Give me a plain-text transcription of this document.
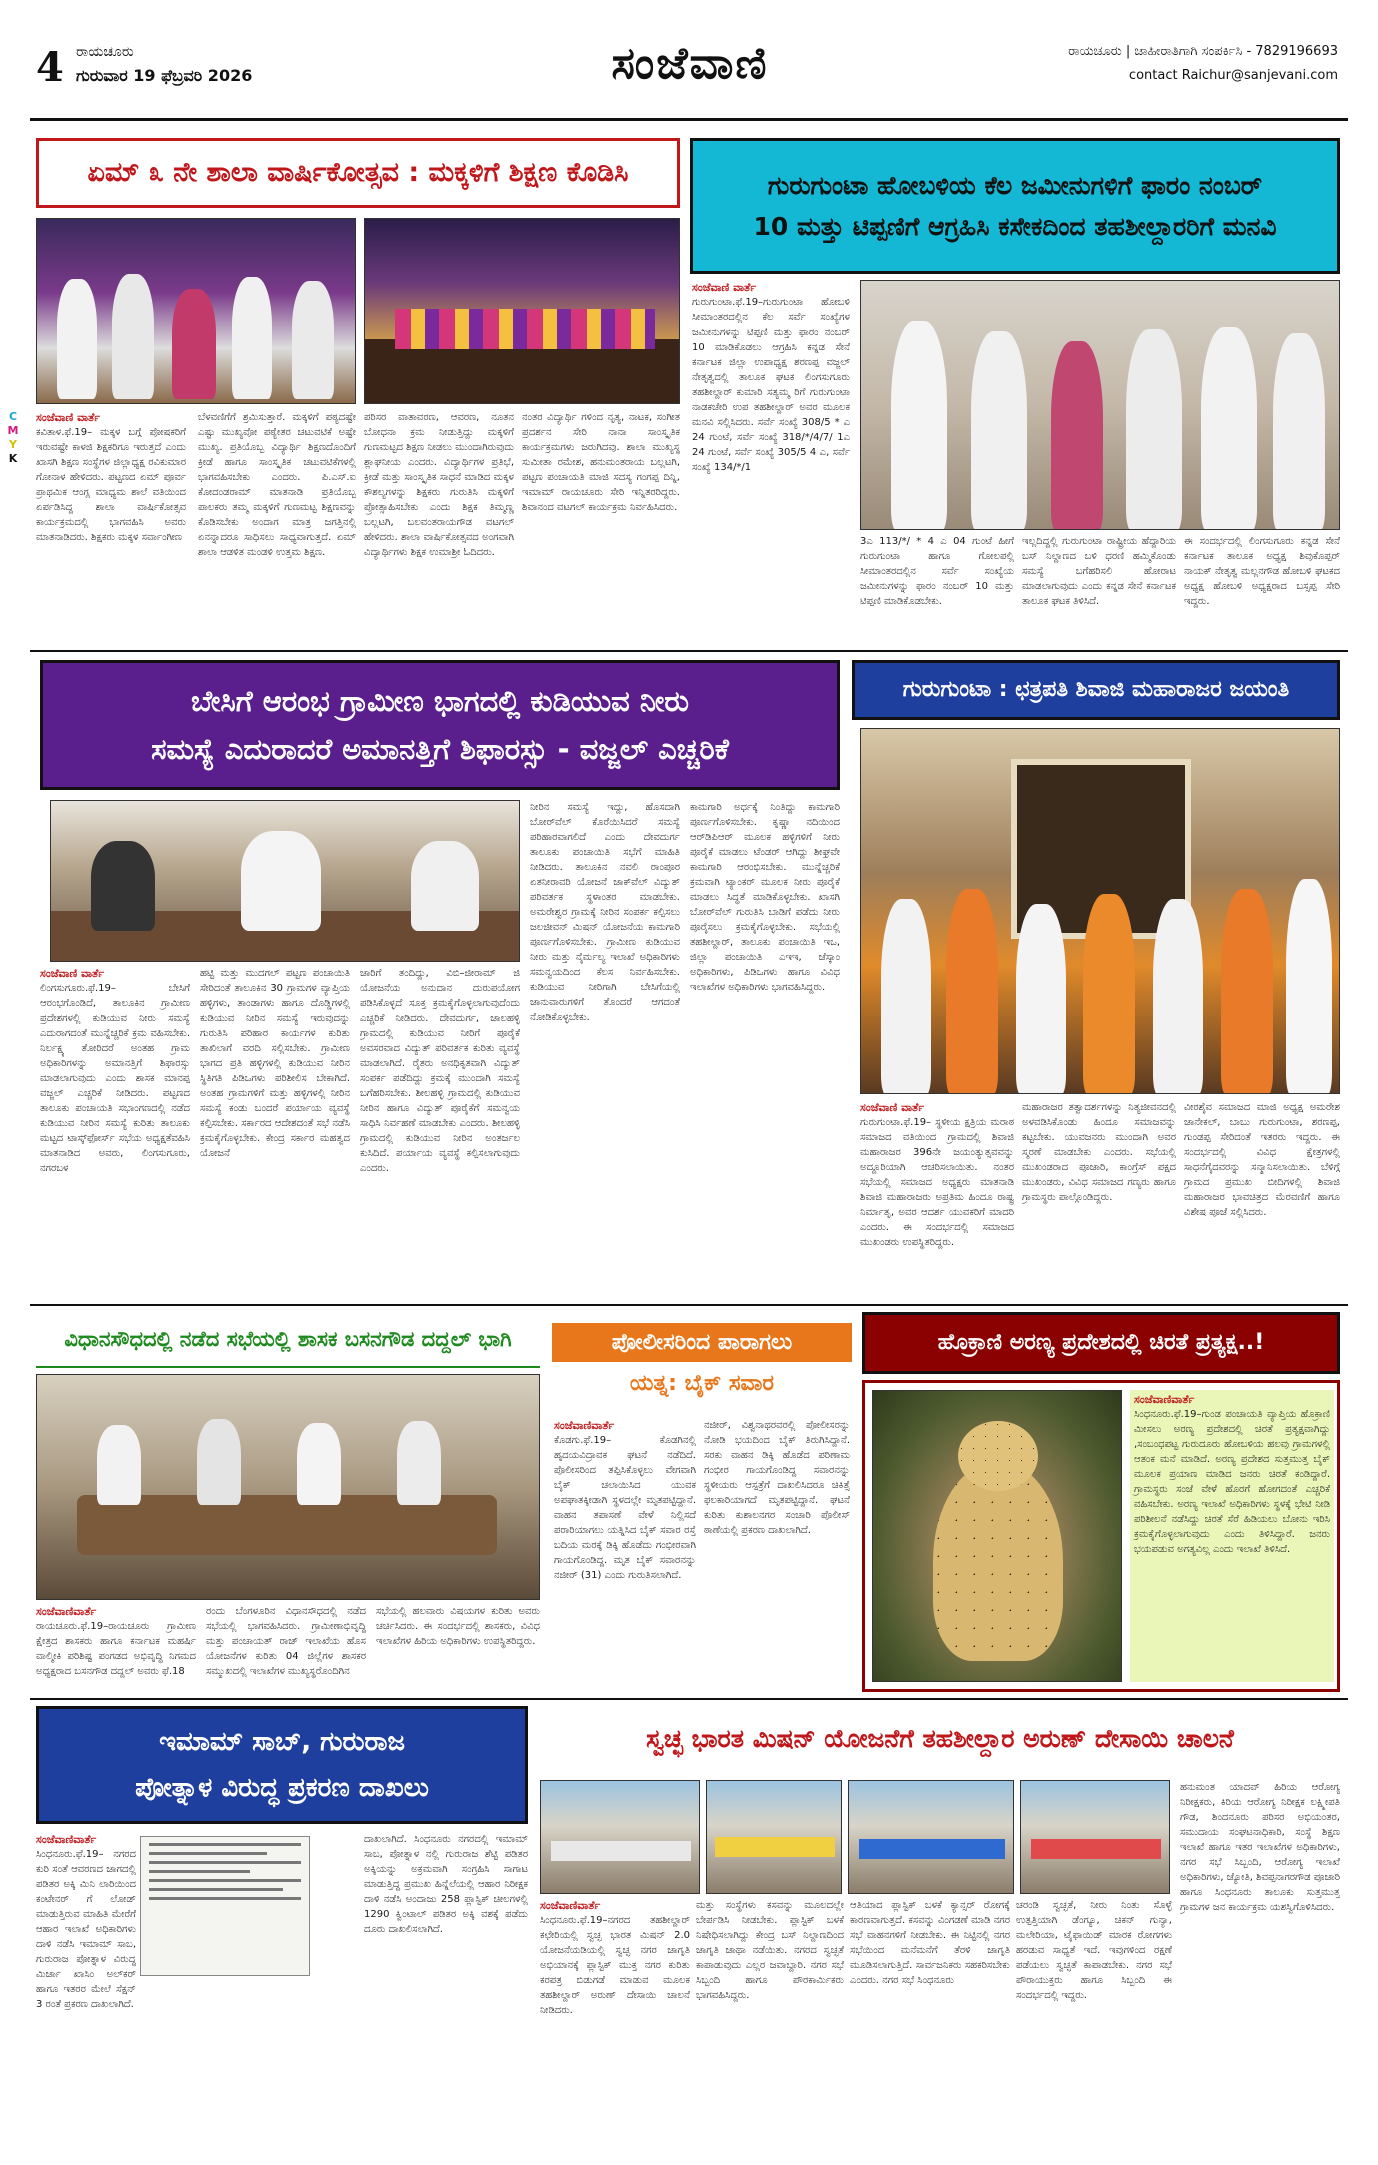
4 ರಾಯಚೂರು
ಗುರುವಾರ 19 ಫೆಬ್ರವರಿ 2026	ಸಂಜೆವಾಣಿ	ರಾಯಚೂರು | ಜಾಹೀರಾತಿಗಾಗಿ ಸಂಪರ್ಕಿಸಿ - 7829196693
contact Raichur@sanjevani.com
C
M
Y
K
ಏಮ್ ೩ ನೇ ಶಾಲಾ ವಾರ್ಷಿಕೋತ್ಸವ : ಮಕ್ಕಳಿಗೆ ಶಿಕ್ಷಣ ಕೊಡಿಸಿ
ಸಂಜೆವಾಣಿ ವಾರ್ತೆ
ಕವಿತಾಳ.ಫೆ.19– ಮಕ್ಕಳ ಬಗ್ಗೆ ಪೋಷಕರಿಗೆ ಇರುವಷ್ಟೇ ಕಾಳಜಿ ಶಿಕ್ಷಕರಿಗೂ ಇರುತ್ತದೆ ಎಂದು ಖಾಸಗಿ ಶಿಕ್ಷಣ ಸಂಸ್ಥೆಗಳ ಜಿಲ್ಲಾಧ್ಯಕ್ಷ ರವಿಕುಮಾರ ಗೋನಾಳ ಹೇಳಿದರು. ಪಟ್ಟಣದ ಏಮ್ ಪೂರ್ವ ಪ್ರಾಥಮಿಕ ಆಂಗ್ಲ ಮಾಧ್ಯಮ ಶಾಲೆ ವತಿಯಿಂದ ಏರ್ಪಡಿಸಿದ್ದ ಶಾಲಾ ವಾರ್ಷಿಕೋತ್ಸವ ಕಾರ್ಯಕ್ರಮದಲ್ಲಿ ಭಾಗವಹಿಸಿ ಅವರು ಮಾತನಾಡಿದರು. ಶಿಕ್ಷಕರು ಮಕ್ಕಳ ಸರ್ವಾಂಗೀಣ
ಬೆಳವಣಿಗೆಗೆ ಶ್ರಮಿಸುತ್ತಾರೆ. ಮಕ್ಕಳಿಗೆ ಪಠ್ಯದಷ್ಟೇ ಎಷ್ಟು ಮುಖ್ಯವೋ ಪಠ್ಯೇತರ ಚಟುವಟಿಕೆ ಅಷ್ಟೇ ಮುಖ್ಯ. ಪ್ರತಿಯೊಬ್ಬ ವಿದ್ಯಾರ್ಥಿ ಶಿಕ್ಷಣದೊಂದಿಗೆ ಕ್ರೀಡೆ ಹಾಗೂ ಸಾಂಸ್ಕೃತಿಕ ಚಟುವಟಿಕೆಗಳಲ್ಲಿ ಭಾಗವಹಿಸಬೇಕು ಎಂದರು. ಪಿ.ಎಸ್.ಐ ಕೋದಂಡರಾಮ್ ಮಾತನಾಡಿ ಪ್ರತಿಯೊಬ್ಬ ಪಾಲಕರು ತಮ್ಮ ಮಕ್ಕಳಿಗೆ ಗುಣಮಟ್ಟ ಶಿಕ್ಷಣವನ್ನು ಕೊಡಿಸಬೇಕು ಅಂದಾಗ ಮಾತ್ರ ಜಗತ್ತಿನಲ್ಲಿ ಏನನ್ನಾದರೂ ಸಾಧಿಸಲು ಸಾಧ್ಯವಾಗುತ್ತದೆ. ಏಮ್ ಶಾಲಾ ಆಡಳಿತ ಮಂಡಳಿ ಉತ್ತಮ ಶಿಕ್ಷಣ.
ಪರಿಸರ ವಾತಾವರಣ, ಆವರಣ, ನೂತನ ಬೋಧನಾ ಕ್ರಮ ನೀಡುತ್ತಿದ್ದು ಮಕ್ಕಳಿಗೆ ಗುಣಮಟ್ಟದ ಶಿಕ್ಷಣ ನೀಡಲು ಮುಂದಾಗಿರುವುದು ಶ್ಲಾಘನೀಯ ಎಂದರು. ವಿದ್ಯಾರ್ಥಿಗಳ ಪ್ರತಿಭೆ, ಕ್ರೀಡೆ ಮತ್ತು ಸಾಂಸ್ಕೃತಿಕ ಸಾಧನೆ ಮಾಡಿದ ಮಕ್ಕಳ ಕೌಶಲ್ಯಗಳನ್ನು ಶಿಕ್ಷಕರು ಗುರುತಿಸಿ ಮಕ್ಕಳಿಗೆ ಪ್ರೋತ್ಸಾಹಿಸಬೇಕು ಎಂದು ಶಿಕ್ಷಕ ತಿಮ್ಮಣ್ಣ ಬಲ್ಲಟಗಿ, ಬಲವಂತರಾಯಗೌಡ ವಟಗಲ್ ಹೇಳಿದರು. ಶಾಲಾ ವಾರ್ಷಿಕೋತ್ಸವದ ಅಂಗವಾಗಿ ವಿದ್ಯಾರ್ಥಿಗಳು ಶಿಕ್ಷಕ ಉಮಾಶ್ರೀ ಓದಿದರು.
ನಂತರ ವಿದ್ಯಾರ್ಥಿ ಗಳಿಂದ ನೃತ್ಯ, ನಾಟಕ, ಸಂಗೀತ ಪ್ರದರ್ಶನ ಸೇರಿ ನಾನಾ ಸಾಂಸ್ಕೃತಿಕ ಕಾರ್ಯಕ್ರಮಗಳು ಜರುಗಿದವು. ಶಾಲಾ ಮುಖ್ಯಸ್ಥ ಸುಮೀತಾ ರಮೇಶ, ಹನುಮಂತರಾಯ ಬಲ್ಲಟಗಿ, ಪಟ್ಟಣ ಪಂಚಾಯತಿ ಮಾಜಿ ಸದಸ್ಯ ಗಂಗಪ್ಪ ದಿನ್ನಿ, ಇಮಾಮ್ ರಾಯಚೂರು ಸೇರಿ ಇನ್ನಿತರರಿದ್ದರು. ಶಿವಾನಂದ ವಟಗಲ್ ಕಾರ್ಯಕ್ರಮ ನಿರ್ವಹಿಸಿದರು.
ಗುರುಗುಂಟಾ ಹೋಬಳಿಯ ಕೆಲ ಜಮೀನುಗಳಿಗೆ ಫಾರಂ ನಂಬರ್
10 ಮತ್ತು ಟಿಪ್ಪಣಿಗೆ ಆಗ್ರಹಿಸಿ ಕಸೇಕದಿಂದ ತಹಶೀಲ್ದಾರರಿಗೆ ಮನವಿ
ಸಂಜೆವಾಣಿ ವಾರ್ತೆ
ಗುರುಗುಂಟಾ.ಫೆ.19–ಗುರುಗುಂಟಾ ಹೋಬಳಿ ಸೀಮಾಂತರದಲ್ಲಿನ ಕೆಲ ಸರ್ವೆ ಸಂಖ್ಯೆಗಳ ಜಮೀನುಗಳನ್ನು ಟಿಪ್ಪಣಿ ಮತ್ತು ಫಾರಂ ನಂಬರ್ 10 ಮಾಡಿಕೊಡಲು ಆಗ್ರಹಿಸಿ ಕನ್ನಡ ಸೇನೆ ಕರ್ನಾಟಕ ಜಿಲ್ಲಾ ಉಪಾಧ್ಯಕ್ಷ ಶರಣಪ್ಪ ವಜ್ಜಲ್ ನೇತೃತ್ವದಲ್ಲಿ ತಾಲೂಕ ಘಟಕ ಲಿಂಗಸುಗೂರು ತಹಶೀಲ್ದಾರ್ ಕುಮಾರಿ ಸತ್ಯಮ್ಮ ರಿಗೆ ಗುರುಗುಂಟಾ ನಾಡಕಚೇರಿ ಉಪ ತಹಶೀಲ್ದಾರ್ ಅವರ ಮೂಲಕ ಮನವಿ ಸಲ್ಲಿಸಿದರು. ಸರ್ವೆ ಸಂಖ್ಯೆ 308/5 * ಎ 24 ಗುಂಟೆ, ಸರ್ವೆ ಸಂಖ್ಯೆ 318/*/4/7/ 1ಎ 24 ಗುಂಟೆ, ಸರ್ವೆ ಸಂಖ್ಯೆ 305/5 4 ಎ, ಸರ್ವೆ ಸಂಖ್ಯೆ 134/*/1
3ಎ 113/*/ * 4 ಎ 04 ಗುಂಟೆ ಹೀಗೆ ಗುರುಗುಂಟಾ ಹಾಗೂ ಗೋಲಪಲ್ಲಿ ಸೀಮಾಂತರದಲ್ಲಿನ ಸರ್ವೆ ಸಂಖ್ಯೆಯ ಜಮೀನುಗಳನ್ನು ಫಾರಂ ನಂಬರ್ 10 ಮತ್ತು ಟಿಪ್ಪಣಿ ಮಾಡಿಕೊಡಬೇಕು.
ಇಲ್ಲದಿದ್ದಲ್ಲಿ ಗುರುಗುಂಟಾ ರಾಷ್ಟ್ರೀಯ ಹೆದ್ದಾರಿಯ ಬಸ್ ನಿಲ್ದಾಣದ ಬಳಿ ಧರಣಿ ಹಮ್ಮಿಕೊಂಡು ಸಮಸ್ಯೆ ಬಗೆಹರಿಸಲಿ ಹೋರಾಟ ಮಾಡಲಾಗುವುದು ಎಂದು ಕನ್ನಡ ಸೇನೆ ಕರ್ನಾಟಕ ತಾಲೂಕ ಘಟಕ ತಿಳಿಸಿದೆ.
ಈ ಸಂದರ್ಭದಲ್ಲಿ ಲಿಂಗಸುಗೂರು ಕನ್ನಡ ಸೇನೆ ಕರ್ನಾಟಕ ತಾಲೂಕ ಅಧ್ಯಕ್ಷ ಶಿವುಕೊಪ್ಪರ್ ನಾಯಕ್ ನೇತೃತ್ವ ಮಲ್ಲನಗೌಡ ಹೋಬಳಿ ಘಟಕದ ಅಧ್ಯಕ್ಷ ಹೋಬಳಿ ಅಧ್ಯಕ್ಷರಾದ ಬಸ್ಸಪ್ಪ ಸೇರಿ ಇದ್ದರು.
ಬೇಸಿಗೆ ಆರಂಭ ಗ್ರಾಮೀಣ ಭಾಗದಲ್ಲಿ ಕುಡಿಯುವ ನೀರು
ಸಮಸ್ಯೆ ಎದುರಾದರೆ ಅಮಾನತ್ತಿಗೆ ಶಿಫಾರಸ್ಸು - ವಜ್ಜಲ್ ಎಚ್ಚರಿಕೆ
ಸಂಜೆವಾಣಿ ವಾರ್ತೆ
ಲಿಂಗಸುಗೂರು.ಫೆ.19– ಬೇಸಿಗೆ ಆರಂಭಗೊಂಡಿದೆ, ತಾಲೂಕಿನ ಗ್ರಾಮೀಣ ಪ್ರದೇಶಗಳಲ್ಲಿ ಕುಡಿಯುವ ನೀರು ಸಮಸ್ಯೆ ಎದುರಾಗದಂತೆ ಮುನ್ನೆಚ್ಚರಿಕೆ ಕ್ರಮ ವಹಿಸಬೇಕು. ನಿರ್ಲಕ್ಷ್ಯ ತೋರಿದರೆ ಅಂತಹ ಗ್ರಾಮ ಅಧಿಕಾರಿಗಳನ್ನು ಅಮಾನತ್ತಿಗೆ ಶಿಫಾರಸ್ಸು ಮಾಡಲಾಗುವುದು ಎಂದು ಶಾಸಕ ಮಾನಪ್ಪ ವಜ್ಜಲ್ ಎಚ್ಚರಿಕೆ ನೀಡಿದರು. ಪಟ್ಟಣದ ತಾಲೂಕು ಪಂಚಾಯತಿ ಸಭಾಂಗಣದಲ್ಲಿ ನಡೆದ ಕುಡಿಯುವ ನೀರಿನ ಸಮಸ್ಯೆ ಕುರಿತು ತಾಲೂಕು ಮಟ್ಟದ ಟಾಸ್ಕ್‌ಫೋರ್ಸ್ ಸಭೆಯ ಅಧ್ಯಕ್ಷತೆವಹಿಸಿ ಮಾತನಾಡಿದ ಅವರು, ಲಿಂಗಸುಗೂರು, ನಗರಬಳ
ಹಟ್ಟಿ ಮತ್ತು ಮುದಗಲ್ ಪಟ್ಟಣ ಪಂಚಾಯಿತಿ ಸೇರಿದಂತೆ ತಾಲೂಕಿನ 30 ಗ್ರಾಮಗಳ ವ್ಯಾಪ್ತಿಯ ಹಳ್ಳಿಗಳು, ತಾಂಡಾಗಳು ಹಾಗೂ ದೊಡ್ಡಿಗಳಲ್ಲಿ ಕುಡಿಯುವ ನೀರಿನ ಸಮಸ್ಯೆ ಇರುವುದನ್ನು ಗುರುತಿಸಿ ಪರಿಹಾರ ಕಾರ್ಯಗಳ ಕುರಿತು ತಾಖಿಲಾಗೆ ವರದಿ ಸಲ್ಲಿಸಬೇಕು. ಗ್ರಾಮೀಣ ಭಾಗದ ಪ್ರತಿ ಹಳ್ಳಿಗಳಲ್ಲಿ ಕುಡಿಯುವ ನೀರಿನ ಸ್ಥಿತಿಗತಿ ಪಿಡಿಒಗಳು ಪರಿಶೀಲಿಸ ಬೇಕಾಗಿದೆ. ಅಂತಹ ಗ್ರಾಮಗಳಿಗೆ ಮತ್ತು ಹಳ್ಳಿಗಳಲ್ಲಿ ನೀರಿನ ಸಮಸ್ಯೆ ಕಂಡು ಬಂದರೆ ಪರ್ಯಾಯ ವ್ಯವಸ್ಥೆ ಕಲ್ಪಿಸಬೇಕು. ಸರ್ಕಾರದ ಆದೇಶದಂತೆ ಸಭೆ ನಡೆಸಿ ಕ್ರಮಕೈಗೊಳ್ಳಬೇಕು. ಕೇಂದ್ರ ಸರ್ಕಾರ ಮಹತ್ವದ ಯೋಜನೆ
ಜಾರಿಗೆ ತಂದಿದ್ದು, ವಿಬಿ–ಜೀರಾಮ್ ಜಿ ಯೋಜನೆಯ ಅನುದಾನ ದುರುಪಯೋಗ ಪಡಿಸಿಕೊಳ್ಳದೆ ಸೂಕ್ತ ಕ್ರಮಕೈಗೊಳ್ಳಲಾಗುವುದೆಂದು ಎಚ್ಚರಿಕೆ ನೀಡಿದರು. ದೇವದುರ್ಗ, ಜಾಲಹಳ್ಳಿ ಗ್ರಾಮದಲ್ಲಿ ಕುಡಿಯುವ ನೀರಿಗೆ ಪೂರೈಕೆ ಅವಸರವಾದ ವಿದ್ಯುತ್ ಪರಿವರ್ತಕ ಕುರಿತು ವ್ಯವಸ್ಥೆ ಮಾಡಲಾಗಿದೆ. ರೈತರು ಅನಧಿಕೃತವಾಗಿ ವಿದ್ಯುತ್ ಸಂಪರ್ಕ ಪಡೆದಿದ್ದು ಕ್ರಮಕ್ಕೆ ಮುಂದಾಗಿ ಸಮಸ್ಯೆ ಬಗೆಹರಿಸಬೇಕು. ಶೀಲಹಳ್ಳಿ ಗ್ರಾಮದಲ್ಲಿ ಕುಡಿಯುವ ನೀರಿನ ಹಾಗೂ ವಿದ್ಯುತ್ ಪೂರೈಕೆಗೆ ಸಮನ್ವಯ ಸಾಧಿಸಿ ನಿರ್ವಹಣೆ ಮಾಡಬೇಕು ಎಂದರು. ಶೀಲಹಳ್ಳಿ ಗ್ರಾಮದಲ್ಲಿ ಕುಡಿಯುವ ನೀರಿನ ಅಂತರ್ಜಲ ಕುಸಿದಿದೆ. ಪರ್ಯಾಯ ವ್ಯವಸ್ಥೆ ಕಲ್ಪಿಸಲಾಗುವುದು ಎಂದರು.
ನೀರಿನ ಸಮಸ್ಯೆ ಇದ್ದು, ಹೊಸದಾಗಿ ಬೋರ್‌ವೆಲ್ ಕೊರೆಯಿಸಿದರೆ ಸಮಸ್ಯೆ ಪರಿಹಾರವಾಗಲಿದೆ ಎಂದು ದೇವದುರ್ಗ ತಾಲೂಕು ಪಂಚಾಯಿತಿ ಸಭೆಗೆ ಮಾಹಿತಿ ನೀಡಿದರು. ತಾಲೂಕಿನ ನವಲಿ ರಾಂಪೂರ ಏತನೀರಾವರಿ ಯೋಜನೆ ಜಾಕ್‌ವೆಲ್ ವಿದ್ಯುತ್ ಪರಿವರ್ತಕ ಸ್ಥಳಾಂತರ ಮಾಡಬೇಕು. ಅಮರೇಶ್ವರ ಗ್ರಾಮಕ್ಕೆ ನೀರಿನ ಸಂಪರ್ಕ ಕಲ್ಪಿಸಲು ಜಲಜೀವನ್ ಮಿಷನ್ ಯೋಜನೆಯ ಕಾಮಗಾರಿ ಪೂರ್ಣಗೊಳಿಸಬೇಕು. ಗ್ರಾಮೀಣ ಕುಡಿಯುವ ನೀರು ಮತ್ತು ನೈರ್ಮಲ್ಯ ಇಲಾಖೆ ಅಧಿಕಾರಿಗಳು ಸಮನ್ವಯದಿಂದ ಕೆಲಸ ನಿರ್ವಹಿಸಬೇಕು. ಕುಡಿಯುವ ನೀರಿಗಾಗಿ ಬೇಸಿಗೆಯಲ್ಲಿ ಜಾನುವಾರುಗಳಿಗೆ ತೊಂದರೆ ಆಗದಂತೆ ನೋಡಿಕೊಳ್ಳಬೇಕು.
ಕಾಮಗಾರಿ ಅರ್ಧಕ್ಕೆ ನಿಂತಿದ್ದು ಕಾಮಗಾರಿ ಪೂರ್ಣಗೊಳಿಸಬೇಕು. ಕೃಷ್ಣಾ ನದಿಯಿಂದ ಆರ್‌ಡಿಪಿಆರ್ ಮೂಲಕ ಹಳ್ಳಿಗಳಿಗೆ ನೀರು ಪೂರೈಕೆ ಮಾಡಲು ಟೆಂಡರ್ ಆಗಿದ್ದು ಶೀಘ್ರವೇ ಕಾಮಗಾರಿ ಆರಂಭಿಸಬೇಕು. ಮುನ್ನೆಚ್ಚರಿಕೆ ಕ್ರಮವಾಗಿ ಟ್ಯಾಂಕರ್ ಮೂಲಕ ನೀರು ಪೂರೈಕೆ ಮಾಡಲು ಸಿದ್ಧತೆ ಮಾಡಿಕೊಳ್ಳಬೇಕು. ಖಾಸಗಿ ಬೋರ್‌ವೆಲ್ ಗುರುತಿಸಿ ಬಾಡಿಗೆ ಪಡೆದು ನೀರು ಪೂರೈಸಲು ಕ್ರಮಕೈಗೊಳ್ಳಬೇಕು. ಸಭೆಯಲ್ಲಿ ತಹಶೀಲ್ದಾರ್, ತಾಲೂಕು ಪಂಚಾಯಿತಿ ಇಒ, ಜಿಲ್ಲಾ ಪಂಚಾಯಿತಿ ಎಇಇ, ಜೆಸ್ಕಾಂ ಅಧಿಕಾರಿಗಳು, ಪಿಡಿಒಗಳು ಹಾಗೂ ವಿವಿಧ ಇಲಾಖೆಗಳ ಅಧಿಕಾರಿಗಳು ಭಾಗವಹಿಸಿದ್ದರು.
ಗುರುಗುಂಟಾ : ಛತ್ರಪತಿ ಶಿವಾಜಿ ಮಹಾರಾಜರ ಜಯಂತಿ
ಸಂಜೆವಾಣಿ ವಾರ್ತೆ
ಗುರುಗುಂಟಾ.ಫೆ.19– ಸ್ಥಳೀಯ ಕ್ಷತ್ರಿಯ ಮರಾಠ ಸಮಾಜದ ವತಿಯಿಂದ ಗ್ರಾಮದಲ್ಲಿ ಶಿವಾಜಿ ಮಹಾರಾಜರ 396ನೇ ಜಯಂತ್ಯುತ್ಸವವನ್ನು ಅದ್ದೂರಿಯಾಗಿ ಆಚರಿಸಲಾಯಿತು. ನಂತರ ಸಭೆಯಲ್ಲಿ ಸಮಾಜದ ಅಧ್ಯಕ್ಷರು ಮಾತನಾಡಿ ಶಿವಾಜಿ ಮಹಾರಾಜರು ಅಪ್ರತಿಮ ಹಿಂದೂ ರಾಷ್ಟ್ರ ನಿರ್ಮಾತೃ, ಅವರ ಆದರ್ಶ ಯುವಕರಿಗೆ ಮಾದರಿ ಎಂದರು. ಈ ಸಂದರ್ಭದಲ್ಲಿ ಸಮಾಜದ ಮುಖಂಡರು ಉಪಸ್ಥಿತರಿದ್ದರು.
ಮಹಾರಾಜರ ತತ್ವಾದರ್ಶಗಳನ್ನು ನಿತ್ಯಜೀವನದಲ್ಲಿ ಅಳವಡಿಸಿಕೊಂಡು ಹಿಂದೂ ಸಮಾಜವನ್ನು ಕಟ್ಟಬೇಕು. ಯುವಜನರು ಮುಂದಾಗಿ ಅವರ ಸ್ಮರಣೆ ಮಾಡಬೇಕು ಎಂದರು. ಸಭೆಯಲ್ಲಿ ಮುಖಂಡರಾದ ಪೂಜಾರಿ, ಕಾಂಗ್ರೆಸ್ ಪಕ್ಷದ ಮುಖಂಡರು, ವಿವಿಧ ಸಮಾಜದ ಗಣ್ಯರು ಹಾಗೂ ಗ್ರಾಮಸ್ಥರು ಪಾಲ್ಗೊಂಡಿದ್ದರು.
ವೀರಶೈವ ಸಮಾಜದ ಮಾಜಿ ಅಧ್ಯಕ್ಷ ಅಮರೇಶ ಜಾನೇಕಲ್, ಬಾಬು ಗುರುಗುಂಟಾ, ಶರಣಪ್ಪ, ಗುಂಡಪ್ಪ ಸೇರಿದಂತೆ ಇತರರು ಇದ್ದರು. ಈ ಸಂದರ್ಭದಲ್ಲಿ ವಿವಿಧ ಕ್ಷೇತ್ರಗಳಲ್ಲಿ ಸಾಧನೆಗೈದವರನ್ನು ಸನ್ಮಾನಿಸಲಾಯಿತು. ಬೆಳಿಗ್ಗೆ ಗ್ರಾಮದ ಪ್ರಮುಖ ಬೀದಿಗಳಲ್ಲಿ ಶಿವಾಜಿ ಮಹಾರಾಜರ ಭಾವಚಿತ್ರದ ಮೆರವಣಿಗೆ ಹಾಗೂ ವಿಶೇಷ ಪೂಜೆ ಸಲ್ಲಿಸಿದರು.
ವಿಧಾನಸೌಧದಲ್ಲಿ ನಡೆದ ಸಭೆಯಲ್ಲಿ ಶಾಸಕ ಬಸನಗೌಡ ದದ್ದಲ್ ಭಾಗಿ
ಸಂಜೆವಾಣಿವಾರ್ತೆ
ರಾಯಚೂರು.ಫೆ.19–ರಾಯಚೂರು ಗ್ರಾಮೀಣ ಕ್ಷೇತ್ರದ ಶಾಸಕರು ಹಾಗೂ ಕರ್ನಾಟಕ ಮಹರ್ಷಿ ವಾಲ್ಮೀಕಿ ಪರಿಶಿಷ್ಟ ಪಂಗಡದ ಅಭಿವೃದ್ಧಿ ನಿಗಮದ ಅಧ್ಯಕ್ಷರಾದ ಬಸನಗೌಡ ದದ್ದಲ್ ಅವರು ಫೆ.18
ರಂದು ಬೆಂಗಳೂರಿನ ವಿಧಾನಸೌಧದಲ್ಲಿ ನಡೆದ ಸಭೆಯಲ್ಲಿ ಭಾಗವಹಿಸಿದರು. ಗ್ರಾಮೀಣಾಭಿವೃದ್ಧಿ ಮತ್ತು ಪಂಚಾಯತ್ ರಾಜ್ ಇಲಾಖೆಯ ಹೊಸ ಯೋಜನೆಗಳ ಕುರಿತು 04 ಜಿಲ್ಲೆಗಳ ಶಾಸಕರ ಸಮ್ಮುಖದಲ್ಲಿ ಇಲಾಖೆಗಳ ಮುಖ್ಯಸ್ಥರೊಂದಿಗಿನ
ಸಭೆಯಲ್ಲಿ ಹಲವಾರು ವಿಷಯಗಳ ಕುರಿತು ಅವರು ಚರ್ಚಿಸಿದರು. ಈ ಸಂದರ್ಭದಲ್ಲಿ ಶಾಸಕರು, ವಿವಿಧ ಇಲಾಖೆಗಳ ಹಿರಿಯ ಅಧಿಕಾರಿಗಳು ಉಪಸ್ಥಿತರಿದ್ದರು.
ಪೋಲೀಸರಿಂದ ಪಾರಾಗಲು
ಯತ್ನ: ಬೈಕ್ ಸವಾರ
ಸಂಜೆವಾಣಿವಾರ್ತೆ
ಕೊಡಗು.ಫೆ.19– ಕೊಡಗಿನಲ್ಲಿ ಹೃದಯವಿದ್ರಾವಕ ಘಟನೆ ನಡೆದಿದೆ. ಪೊಲೀಸರಿಂದ ತಪ್ಪಿಸಿಕೊಳ್ಳಲು ವೇಗವಾಗಿ ಬೈಕ್ ಚಲಾಯಿಸಿದ ಯುವಕ ಅಪಘಾತಕ್ಕೀಡಾಗಿ ಸ್ಥಳದಲ್ಲೇ ಮೃತಪಟ್ಟಿದ್ದಾನೆ. ವಾಹನ ತಪಾಸಣೆ ವೇಳೆ ನಿಲ್ಲಿಸದೆ ಪರಾರಿಯಾಗಲು ಯತ್ನಿಸಿದ ಬೈಕ್ ಸವಾರ ರಸ್ತೆ ಬದಿಯ ಮರಕ್ಕೆ ಡಿಕ್ಕಿ ಹೊಡೆದು ಗಂಭೀರವಾಗಿ ಗಾಯಗೊಂಡಿದ್ದ. ಮೃತ ಬೈಕ್ ಸವಾರನನ್ನು ನಜೀರ್ (31) ಎಂದು ಗುರುತಿಸಲಾಗಿದೆ.
ನಜೀರ್, ವಿಶ್ವನಾಥರವರಲ್ಲಿ ಪೋಲೀಸರನ್ನು ನೋಡಿ ಭಯದಿಂದ ಬೈಕ್ ತಿರುಗಿಸಿದ್ದಾನೆ. ಸರಕು ವಾಹನ ಡಿಕ್ಕಿ ಹೊಡೆದ ಪರಿಣಾಮ ಗಂಭೀರ ಗಾಯಗೊಂಡಿದ್ದ ಸವಾರನನ್ನು ಸ್ಥಳೀಯರು ಆಸ್ಪತ್ರೆಗೆ ದಾಖಲಿಸಿದರೂ ಚಿಕಿತ್ಸೆ ಫಲಕಾರಿಯಾಗದೆ ಮೃತಪಟ್ಟಿದ್ದಾನೆ. ಘಟನೆ ಕುರಿತು ಕುಶಾಲನಗರ ಸಂಚಾರಿ ಪೊಲೀಸ್ ಠಾಣೆಯಲ್ಲಿ ಪ್ರಕರಣ ದಾಖಲಾಗಿದೆ.
ಹೊಕ್ರಾಣಿ ಅರಣ್ಯ ಪ್ರದೇಶದಲ್ಲಿ ಚಿರತೆ ಪ್ರತ್ಯಕ್ಷ..!
ಸಂಜೆವಾಣಿವಾರ್ತೆ
ಸಿಂಧನೂರು.ಫೆ.19–ಗುಂಡ ಪಂಚಾಯತಿ ವ್ಯಾಪ್ತಿಯ ಹೊಕ್ರಾಣಿ ಮೀಸಲು ಅರಣ್ಯ ಪ್ರದೇಶದಲ್ಲಿ ಚಿರತೆ ಪ್ರತ್ಯಕ್ಷವಾಗಿದ್ದು ,ಸಂಬಂಧಪಟ್ಟ ಗುರುದೂರು ಹೋಬಳಿಯ ಹಲವು ಗ್ರಾಮಗಳಲ್ಲಿ ಆತಂಕ ಮನೆ ಮಾಡಿದೆ. ಅರಣ್ಯ ಪ್ರದೇಶದ ಸುತ್ತಮುತ್ತ ಬೈಕ್ ಮೂಲಕ ಪ್ರಯಾಣ ಮಾಡಿದ ಜನರು ಚಿರತೆ ಕಂಡಿದ್ದಾರೆ. ಗ್ರಾಮಸ್ಥರು ಸಂಜೆ ವೇಳೆ ಹೊರಗೆ ಹೋಗದಂತೆ ಎಚ್ಚರಿಕೆ ವಹಿಸಬೇಕು. ಅರಣ್ಯ ಇಲಾಖೆ ಅಧಿಕಾರಿಗಳು ಸ್ಥಳಕ್ಕೆ ಭೇಟಿ ನೀಡಿ ಪರಿಶೀಲನೆ ನಡೆಸಿದ್ದು ಚಿರತೆ ಸೆರೆ ಹಿಡಿಯಲು ಬೋನು ಇರಿಸಿ ಕ್ರಮಕೈಗೊಳ್ಳಲಾಗುವುದು ಎಂದು ತಿಳಿಸಿದ್ದಾರೆ. ಜನರು ಭಯಪಡುವ ಅಗತ್ಯವಿಲ್ಲ ಎಂದು ಇಲಾಖೆ ತಿಳಿಸಿದೆ.
ಇಮಾಮ್ ಸಾಬ್, ಗುರುರಾಜ
ಪೋತ್ನಾಳ ವಿರುದ್ಧ ಪ್ರಕರಣ ದಾಖಲು
ಸಂಜೆವಾಣಿವಾರ್ತೆ
ಸಿಂಧನೂರು.ಫೆ.19– ನಗರದ ಕುರಿ ಸಂತೆ ಆವರಣದ ಜಾಗದಲ್ಲಿ ಪಡಿತರ ಅಕ್ಕಿ ಮಿನಿ ಲಾರಿಯಿಂದ ಕಂಟೇನರ್ ಗೆ ಲೋಡ್ ಮಾಡುತ್ತಿರುವ ಮಾಹಿತಿ ಮೇರೆಗೆ ಆಹಾರ ಇಲಾಖೆ ಅಧಿಕಾರಿಗಳು ದಾಳಿ ನಡೆಸಿ ಇಮಾಮ್ ಸಾಬ, ಗುರುರಾಜ ಪೋತ್ನಾಳ ವಿರುದ್ಧ ಮಿರ್ಜಾ ಖಾಸಿಂ ಅಲ್‌ಕರ್ ಹಾಗೂ ಇತರರ ಮೇಲೆ ಸೆಕ್ಷನ್ 3 ರಂತೆ ಪ್ರಕರಣ ದಾಖಲಾಗಿದೆ.
ದಾಖಲಾಗಿದೆ. ಸಿಂಧನೂರು ನಗರದಲ್ಲಿ ಇಮಾಮ್ ಸಾಬ, ಪೋತ್ನಾಳ ನಲ್ಲಿ ಗುರುರಾಜ ಶೆಟ್ಟಿ ಪಡಿತರ ಅಕ್ಕಿಯನ್ನು ಅಕ್ರಮವಾಗಿ ಸಂಗ್ರಹಿಸಿ ಸಾಗಾಟ ಮಾಡುತ್ತಿದ್ದ ಪ್ರಮುಖ ಹಿನ್ನೆಲೆಯಲ್ಲಿ ಆಹಾರ ನಿರೀಕ್ಷಕ ದಾಳಿ ನಡೆಸಿ ಅಂದಾಜು 258 ಪ್ಲಾಸ್ಟಿಕ್ ಚೀಲಗಳಲ್ಲಿ 1290 ಕ್ವಿಂಟಾಲ್ ಪಡಿತರ ಅಕ್ಕಿ ವಶಕ್ಕೆ ಪಡೆದು ದೂರು ದಾಖಲಿಸಲಾಗಿದೆ.
ಸ್ವಚ್ಛ ಭಾರತ ಮಿಷನ್ ಯೋಜನೆಗೆ ತಹಶೀಲ್ದಾರ ಅರುಣ್ ದೇಸಾಯಿ ಚಾಲನೆ
ಸಂಜೆವಾಣಿವಾರ್ತೆ
ಸಿಂಧನೂರು.ಫೆ.19–ನಗರದ ತಹಶೀಲ್ದಾರ್ ಕಛೇರಿಯಲ್ಲಿ ಸ್ವಚ್ಛ ಭಾರತ ಮಿಷನ್ 2.0 ಯೋಜನೆಯಡಿಯಲ್ಲಿ ಸ್ವಚ್ಛ ನಗರ ಜಾಗೃತಿ ಅಭಿಯಾನಕ್ಕೆ ಪ್ಲಾಸ್ಟಿಕ್ ಮುಕ್ತ ನಗರ ಕುರಿತು ಕರಪತ್ರ ಬಿಡುಗಡೆ ಮಾಡುವ ಮೂಲಕ ತಹಶೀಲ್ದಾರ್ ಅರುಣ್ ದೇಸಾಯಿ ಚಾಲನೆ ನೀಡಿದರು.
ಮತ್ತು ಸಂಸ್ಥೆಗಳು ಕಸವನ್ನು ಮೂಲದಲ್ಲೇ ಬೇರ್ಪಡಿಸಿ ನೀಡಬೇಕು. ಪ್ಲಾಸ್ಟಿಕ್ ಬಳಕೆ ನಿಷೇಧಿಸಲಾಗಿದ್ದು ಕೇಂದ್ರ ಬಸ್ ನಿಲ್ದಾಣದಿಂದ ಜಾಗೃತಿ ಜಾಥಾ ನಡೆಯಿತು. ನಗರದ ಸ್ವಚ್ಛತೆ ಕಾಪಾಡುವುದು ಎಲ್ಲರ ಜವಾಬ್ದಾರಿ. ನಗರ ಸಭೆ ಸಿಬ್ಬಂದಿ ಹಾಗೂ ಪೌರಕಾರ್ಮಿಕರು ಭಾಗವಹಿಸಿದ್ದರು.
ಆತಿಯಾದ ಪ್ಲಾಸ್ಟಿಕ್ ಬಳಕೆ ಕ್ಯಾನ್ಸರ್ ರೋಗಕ್ಕೆ ಕಾರಣವಾಗುತ್ತದೆ. ಕಸವನ್ನು ವಿಂಗಡಣೆ ಮಾಡಿ ನಗರ ಸಭೆ ವಾಹನಗಳಿಗೆ ನೀಡಬೇಕು. ಈ ನಿಟ್ಟಿನಲ್ಲಿ ನಗರ ಸಭೆಯಿಂದ ಮನೆಮನೆಗೆ ತೆರಳಿ ಜಾಗೃತಿ ಮೂಡಿಸಲಾಗುತ್ತಿದೆ. ಸಾರ್ವಜನಿಕರು ಸಹಕರಿಸಬೇಕು ಎಂದರು. ನಗರ ಸಭೆ ಸಿಂಧನೂರು
ಚರಂಡಿ ಸ್ವಚ್ಛತೆ, ನೀರು ನಿಂತು ಸೊಳ್ಳೆ ಉತ್ಪತ್ತಿಯಾಗಿ ಡೆಂಗ್ಯೂ, ಚಿಕನ್ ಗುನ್ಯಾ, ಮಲೇರಿಯಾ, ಟೈಫಾಯಿಡ್ ಮಾರಕ ರೋಗಗಳು ಹರಡುವ ಸಾಧ್ಯತೆ ಇದೆ. ಇವುಗಳಿಂದ ರಕ್ಷಣೆ ಪಡೆಯಲು ಸ್ವಚ್ಛತೆ ಕಾಪಾಡಬೇಕು. ನಗರ ಸಭೆ ಪೌರಾಯುಕ್ತರು ಹಾಗೂ ಸಿಬ್ಬಂದಿ ಈ ಸಂದರ್ಭದಲ್ಲಿ ಇದ್ದರು.
ಹನುಮಂತ ಯಾದವ್ ಹಿರಿಯ ಆರೋಗ್ಯ ನಿರೀಕ್ಷಕರು, ಕಿರಿಯ ಆರೋಗ್ಯ ನಿರೀಕ್ಷಕ ಲಕ್ಷ್ಮೀಪತಿ ಗೌಡ, ಶಿಂದನೂರು ಪರಿಸರ ಅಭಿಯಂತರ, ಸಮುದಾಯ ಸಂಘಟನಾಧಿಕಾರಿ, ಸಂಸ್ಥೆ ಶಿಕ್ಷಣ ಇಲಾಖೆ ಹಾಗೂ ಇತರ ಇಲಾಖೆಗಳ ಅಧಿಕಾರಿಗಳು, ನಗರ ಸಭೆ ಸಿಬ್ಬಂದಿ, ಆರೋಗ್ಯ ಇಲಾಖೆ ಅಧಿಕಾರಿಗಳು, ಜ್ಯೋತಿ, ಶಿವಪ್ಪನಾಗರಗೌಡ ಪೂಜಾರಿ ಹಾಗೂ ಸಿಂಧನೂರು ತಾಲೂಕು ಸುತ್ತಮುತ್ತ ಗ್ರಾಮಗಳ ಜನ ಕಾರ್ಯಕ್ರಮ ಯಶಸ್ವಿಗೊಳಿಸಿದರು.
